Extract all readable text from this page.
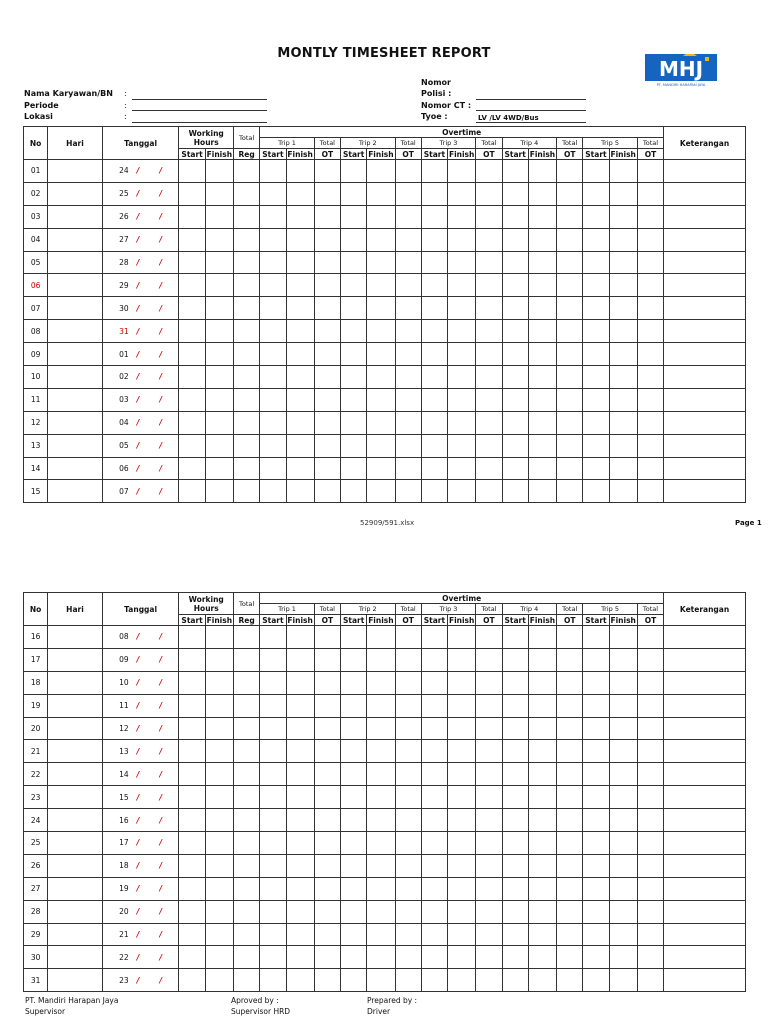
MONTLY TIMESHEET REPORT
MHJ
PT. MANDIRI HARAPAN JAYA
Nama Karyawan/BN	:
Periode	:
Lokasi	:
Nomor Polisi :
Nomor CT :
Tyoe :	LV /LV 4WD/Bus
No	Hari	Tanggal	Working Hours		Total	Overtime															Keterangan
						Trip 1		Total	Trip 2		Total	Trip 3		Total	Trip 4		Total	Trip 5		Total	
			Start	Finish	Reg	Start	Finish	OT	Start	Finish	OT	Start	Finish	OT	Start	Finish	OT	Start	Finish	OT	
01		24 / /																			
02		25 / /																			
03		26 / /																			
04		27 / /																			
05		28 / /																			
06		29 / /																			
07		30 / /																			
08		31 / /																			
09		01 / /																			
10		02 / /																			
11		03 / /																			
12		04 / /																			
13		05 / /																			
14		06 / /																			
15		07 / /																			
52909/591.xlsx	Page 1
No	Hari	Tanggal	Working Hours		Total	Overtime															Keterangan
						Trip 1		Total	Trip 2		Total	Trip 3		Total	Trip 4		Total	Trip 5		Total	
			Start	Finish	Reg	Start	Finish	OT	Start	Finish	OT	Start	Finish	OT	Start	Finish	OT	Start	Finish	OT	
16		08 / /																			
17		09 / /																			
18		10 / /																			
19		11 / /																			
20		12 / /																			
21		13 / /																			
22		14 / /																			
23		15 / /																			
24		16 / /																			
25		17 / /																			
26		18 / /																			
27		19 / /																			
28		20 / /																			
29		21 / /																			
30		22 / /																			
31		23 / /																			
PT. Mandiri Harapan Jaya
Supervisor
Aproved by :
Supervisor HRD
Prepared by :
Driver
